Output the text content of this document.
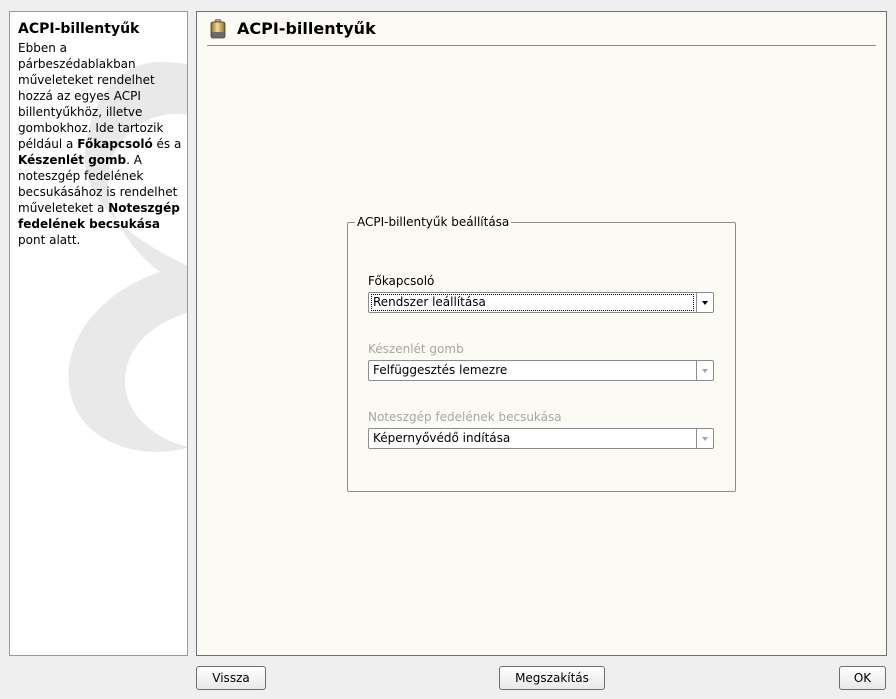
ACPI-billentyűk

Ebben a párbeszédablakban műveleteket rendelhet hozzá az egyes ACPI billentyűkhöz, illetve gombokhoz. Ide tartozik például a Főkapcsoló és a Készenlét gomb. A noteszgép fedelének becsukásához is rendelhet műveleteket a Noteszgép fedelének becsukása pont alatt.

ACPI-billentyűk
ACPI-billentyűk beállítása
Főkapcsoló
Rendszer leállítása
Készenlét gomb
Felfüggesztés lemezre
Noteszgép fedelének becsukása
Képernyővédő indítása
Vissza	Megszakítás	OK
